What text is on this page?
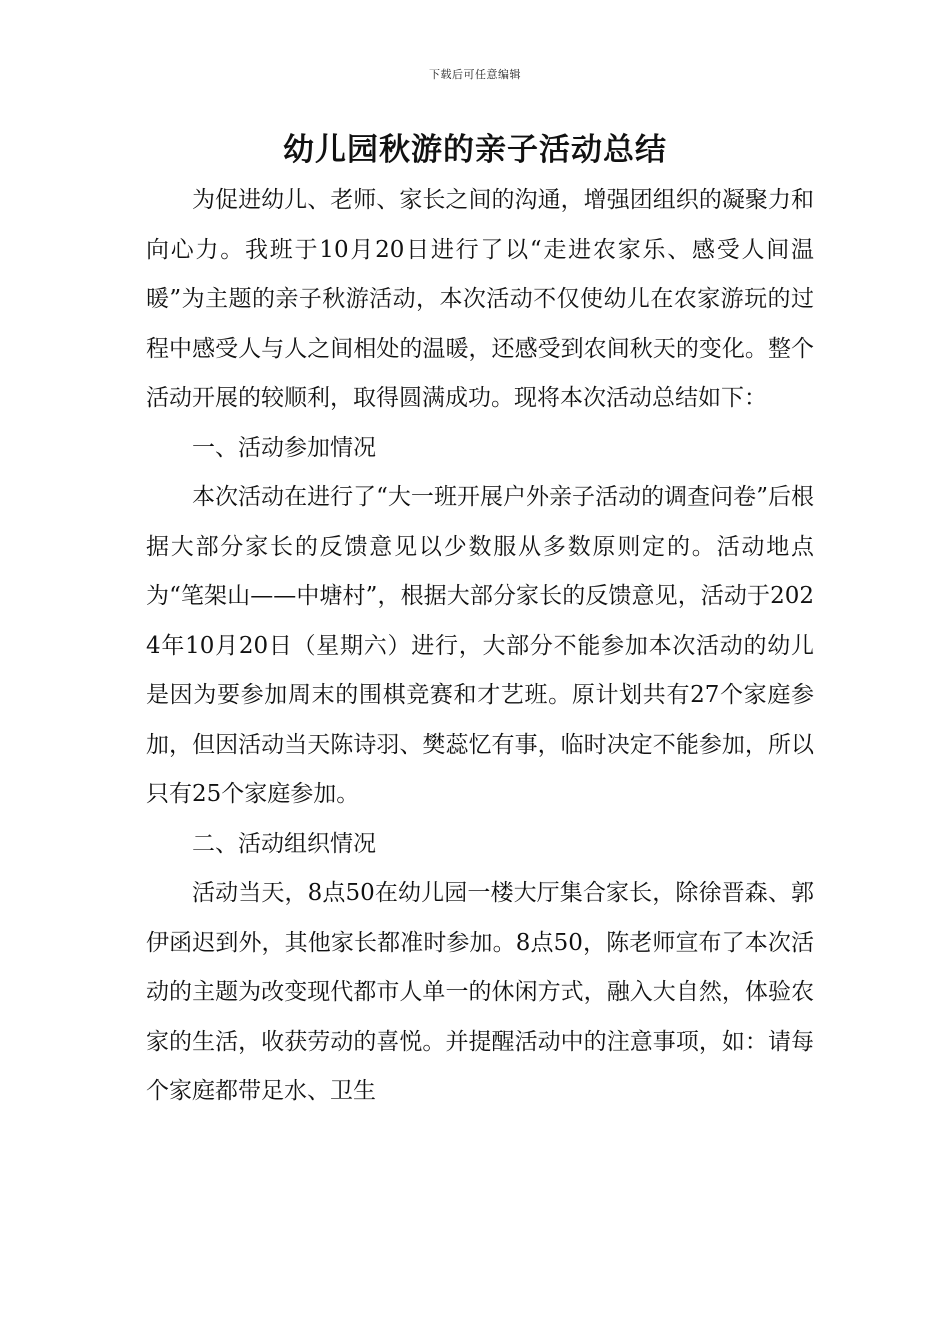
下载后可任意编辑
幼儿园秋游的亲子活动总结

为促进幼儿、老师、家长之间的沟通，增强团组织的凝聚力和向心力。我班于10月20日进行了以“走进农家乐、感受人间温暖”为主题的亲子秋游活动，本次活动不仅使幼儿在农家游玩的过程中感受人与人之间相处的温暖，还感受到农间秋天的变化。整个活动开展的较顺利，取得圆满成功。现将本次活动总结如下：

一、活动参加情况

本次活动在进行了“大一班开展户外亲子活动的调查问卷”后根据大部分家长的反馈意见以少数服从多数原则定的。活动地点为“笔架山——中塘村”，根据大部分家长的反馈意见，活动于2024年10月20日（星期六）进行，大部分不能参加本次活动的幼儿是因为要参加周末的围棋竞赛和才艺班。原计划共有27个家庭参加，但因活动当天陈诗羽、樊蕊忆有事，临时决定不能参加，所以只有25个家庭参加。

二、活动组织情况

活动当天，8点50在幼儿园一楼大厅集合家长，除徐晋森、郭伊函迟到外，其他家长都准时参加。8点50，陈老师宣布了本次活动的主题为改变现代都市人单一的休闲方式，融入大自然，体验农家的生活，收获劳动的喜悦。并提醒活动中的注意事项，如：请每个家庭都带足水、卫生
